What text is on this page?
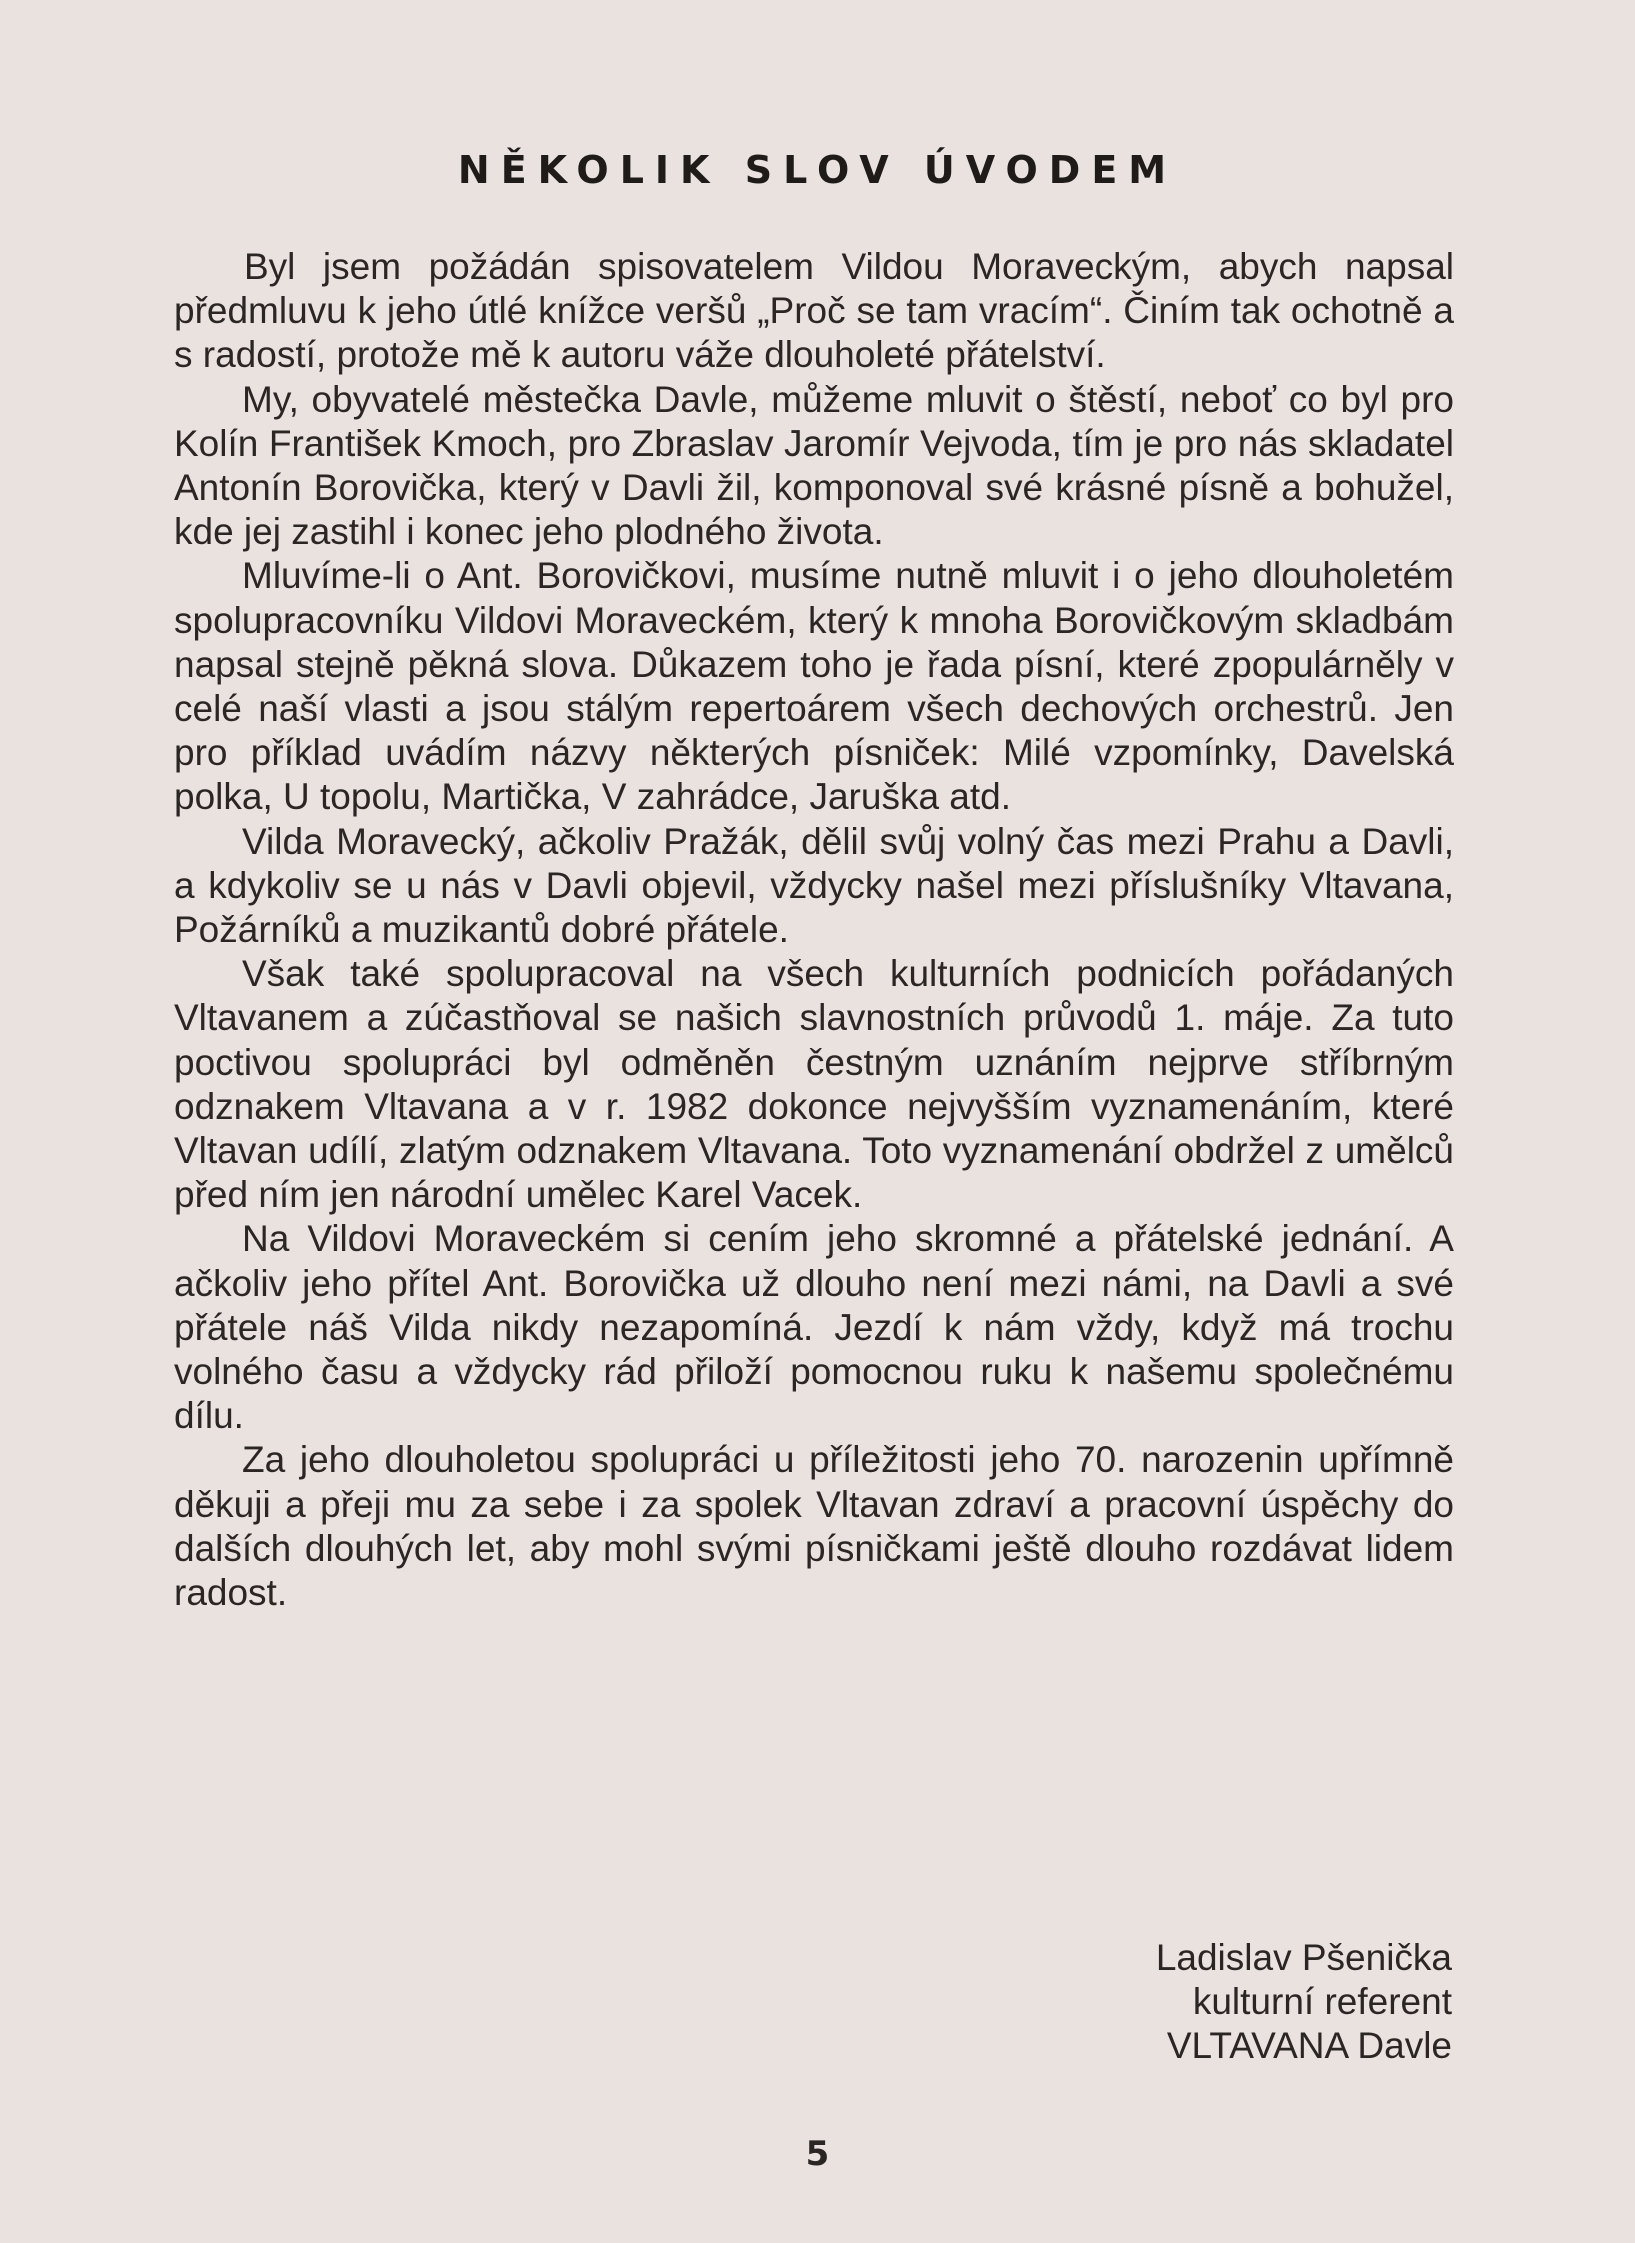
NĚKOLIK SLOV ÚVODEM

Byl jsem požádán spisovatelem Vildou Moraveckým, abych napsal předmluvu k jeho útlé knížce veršů „Proč se tam vracím“. Činím tak ochotně a s radostí, protože mě k autoru váže dlouholeté přátelství.

My, obyvatelé městečka Davle, můžeme mluvit o štěstí, neboť co byl pro Kolín František Kmoch, pro Zbraslav Jaromír Vejvoda, tím je pro nás skladatel Antonín Borovička, který v Davli žil, komponoval své krásné písně a bohužel, kde jej zastihl i konec jeho plodného života.

Mluvíme-li o Ant. Borovičkovi, musíme nutně mluvit i o jeho dlouholetém spolupracovníku Vildovi Moraveckém, který k mnoha Borovičkovým skladbám napsal stejně pěkná slova. Důkazem toho je řada písní, které zpopulárněly v celé naší vlasti a jsou stálým repertoárem všech dechových orchestrů. Jen pro příklad uvádím názvy některých písniček: Milé vzpomínky, Davelská polka, U topolu, Martička, V zahrádce, Jaruška atd.

Vilda Moravecký, ačkoliv Pražák, dělil svůj volný čas mezi Prahu a Davli, a kdykoliv se u nás v Davli objevil, vždycky našel mezi příslušníky Vltavana, Požárníků a muzikantů dobré přátele.

Však také spolupracoval na všech kulturních podnicích pořádaných Vltavanem a zúčastňoval se našich slavnostních průvodů 1. máje. Za tuto poctivou spolupráci byl odměněn čestným uznáním nejprve stříbrným odznakem Vltavana a v r. 1982 dokonce nejvyšším vyznamenáním, které Vltavan udílí, zlatým odznakem Vltavana. Toto vyznamenání obdržel z umělců před ním jen národní umělec Karel Vacek.

Na Vildovi Moraveckém si cením jeho skromné a přátelské jednání. A ačkoliv jeho přítel Ant. Borovička už dlouho není mezi námi, na Davli a své přátele náš Vilda nikdy nezapomíná. Jezdí k nám vždy, když má trochu volného času a vždycky rád přiloží pomocnou ruku k našemu společnému dílu.

Za jeho dlouholetou spolupráci u příležitosti jeho 70. narozenin upřímně děkuji a přeji mu za sebe i za spolek Vltavan zdraví a pracovní úspěchy do dalších dlouhých let, aby mohl svými písničkami ještě dlouho rozdávat lidem radost.

Ladislav Pšenička
kulturní referent
VLTAVANA Davle
5
